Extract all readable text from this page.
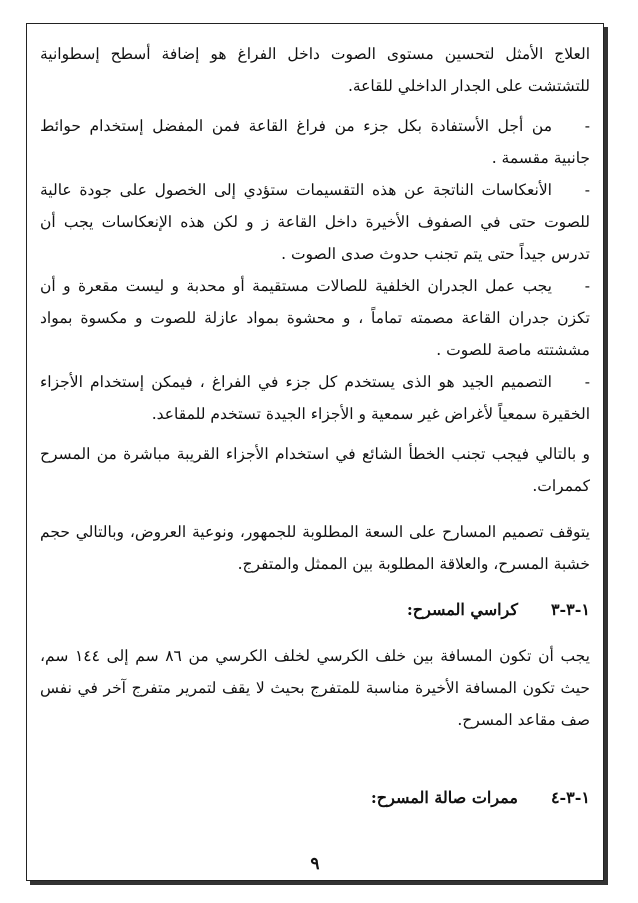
العلاج الأمثل لتحسين مستوى الصوت داخل الفراغ هو إضافة أسطح إسطوانية للتشتشت على الجدار الداخلي للقاعة.

-من أجل الأستفادة بكل جزء من فراغ القاعة فمن المفضل إستخدام حوائط جانبية مقسمة .

-الأنعكاسات الناتجة عن هذه التقسيمات ستؤدي إلى الخصول على جودة عالية للصوت حتى في الصفوف الأخيرة داخل القاعة ز و لكن هذه الإنعكاسات يجب أن تدرس جيداً حتى يتم تجنب حدوث صدى الصوت .

-يجب عمل الجدران الخلفية للصالات مستقيمة أو محدبة و ليست مقعرة و أن تكزن جدران القاعة مصمته تماماً ، و محشوة بمواد عازلة للصوت و مكسوة بمواد مششتته ماصة للصوت .

-التصميم الجيد هو الذى يستخدم كل جزء في الفراغ ، فيمكن إستخدام الأجزاء الخقيرة سمعياً لأغراض غير سمعية و الأجزاء الجيدة تستخدم للمقاعد.

و بالتالي فيجب تجنب الخطأ الشائع في استخدام الأجزاء القريبة مباشرة من المسرح كممرات.

يتوقف تصميم المسارح على السعة المطلوبة للجمهور، ونوعية العروض، وبالتالي حجم خشبة المسرح، والعلاقة المطلوبة بين الممثل والمتفرج.

١-٣-٣كراسي المسرح:

يجب أن تكون المسافة بين خلف الكرسي لخلف الكرسي من ٨٦ سم إلى ١٤٤ سم، حيث تكون المسافة الأخيرة مناسبة للمتفرج بحيث لا يقف لتمرير متفرج آخر في نفس صف مقاعد المسرح.

١-٣-٤ممرات صالة المسرح:

٩
